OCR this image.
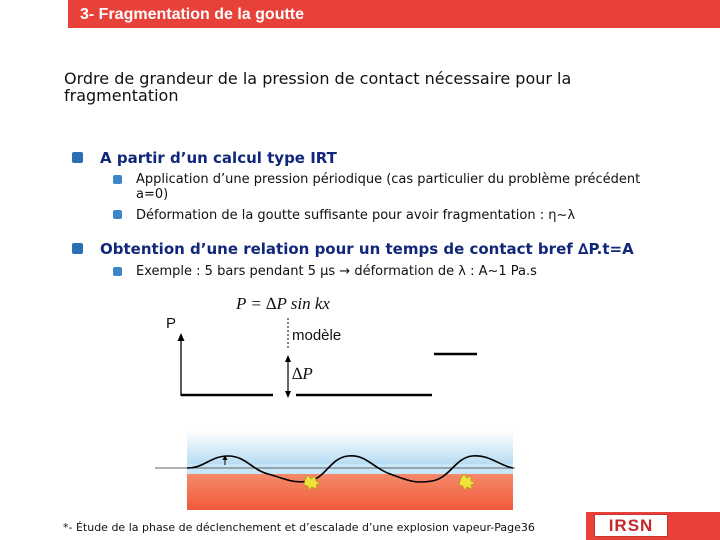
3- Fragmentation de la goutte
Ordre de grandeur de la pression de contact nécessaire pour la fragmentation
A partir d’un calcul type IRT
Application d’une pression périodique (cas particulier du problème précédent a=0)
Déformation de la goutte suffisante pour avoir fragmentation : η~λ
Obtention d’une relation pour un temps de contact bref ∆P.t=A
Exemple : 5 bars pendant 5 µs → déformation de λ : A~1 Pa.s
P = ∆P sin kx
P
modèle
∆P
*- Étude de la phase de déclenchement et d’escalade d’une explosion vapeur-Page36	IRSN
